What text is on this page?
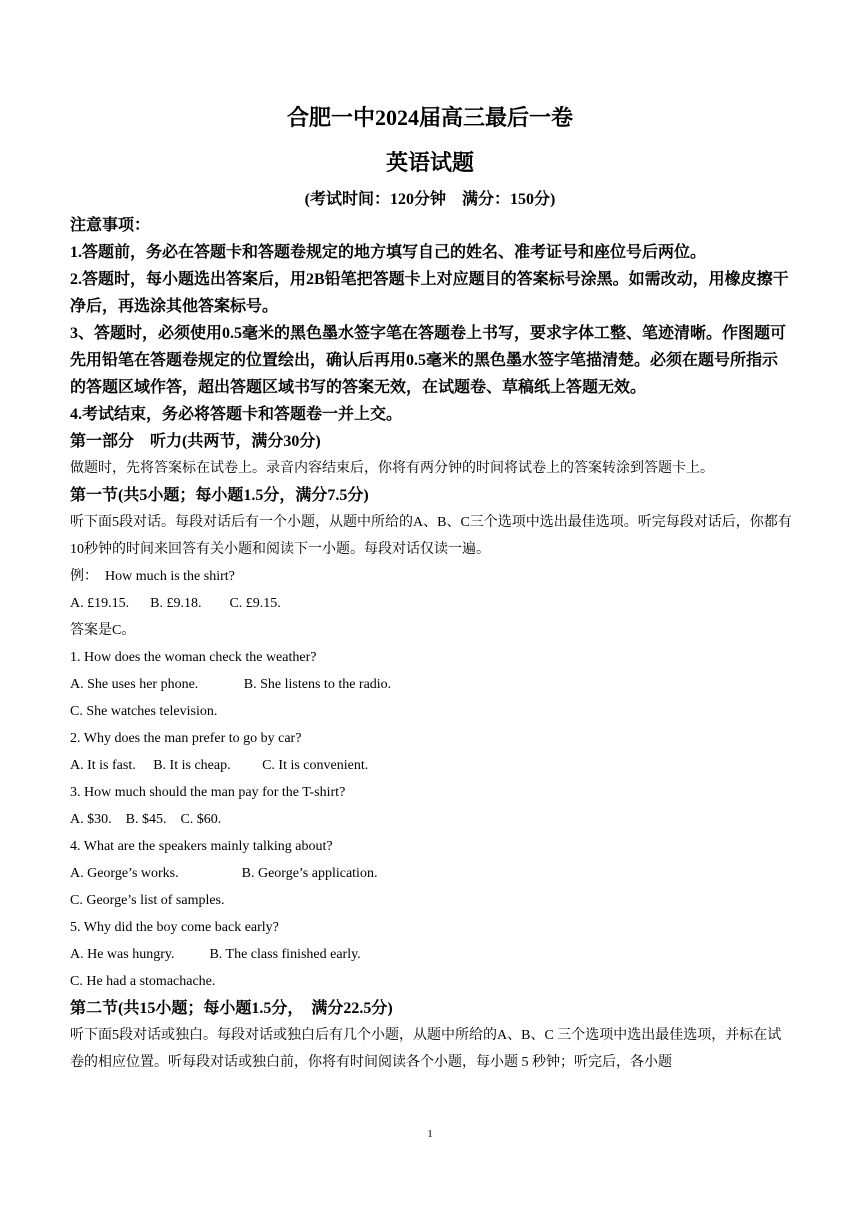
合肥一中2024届高三最后一卷
英语试题
(考试时间：120分钟　满分：150分)

注意事项：

1.答题前，务必在答题卡和答题卷规定的地方填写自己的姓名、准考证号和座位号后两位。

2.答题时，每小题选出答案后，用2B铅笔把答题卡上对应题目的答案标号涂黑。如需改动，用橡皮擦干净后，再选涂其他答案标号。

3、答题时，必须使用0.5毫米的黑色墨水签字笔在答题卷上书写，要求字体工整、笔迹清晰。作图题可先用铅笔在答题卷规定的位置绘出，确认后再用0.5毫米的黑色墨水签字笔描清楚。必须在题号所指示的答题区域作答，超出答题区域书写的答案无效，在试题卷、草稿纸上答题无效。

4.考试结束，务必将答题卡和答题卷一并上交。

第一部分　听力(共两节，满分30分)

做题时，先将答案标在试卷上。录音内容结束后，你将有两分钟的时间将试卷上的答案转涂到答题卡上。

第一节(共5小题；每小题1.5分，满分7.5分)

听下面5段对话。每段对话后有一个小题，从题中所给的A、B、C三个选项中选出最佳选项。听完每段对话后，你都有10秒钟的时间来回答有关小题和阅读下一小题。每段对话仅读一遍。

例：　How much is the shirt?

A. £19.15.      B. £9.18.        C. £9.15.

答案是C。

1. How does the woman check the weather?

A. She uses her phone.             B. She listens to the radio.

C. She watches television.

2. Why does the man prefer to go by car?

A. It is fast.     B. It is cheap.         C. It is convenient.

3. How much should the man pay for the T-shirt?

A. $30.    B. $45.    C. $60.

4. What are the speakers mainly talking about?

A. George’s works.                  B. George’s application.

C. George’s list of samples.

5. Why did the boy come back early?

A. He was hungry.          B. The class finished early.

C. He had a stomachache.

第二节(共15小题；每小题1.5分，　满分22.5分)

听下面5段对话或独白。每段对话或独白后有几个小题，从题中所给的A、B、C 三个选项中选出最佳选项，并标在试卷的相应位置。听每段对话或独白前，你将有时间阅读各个小题，每小题 5 秒钟；听完后，各小题

1
